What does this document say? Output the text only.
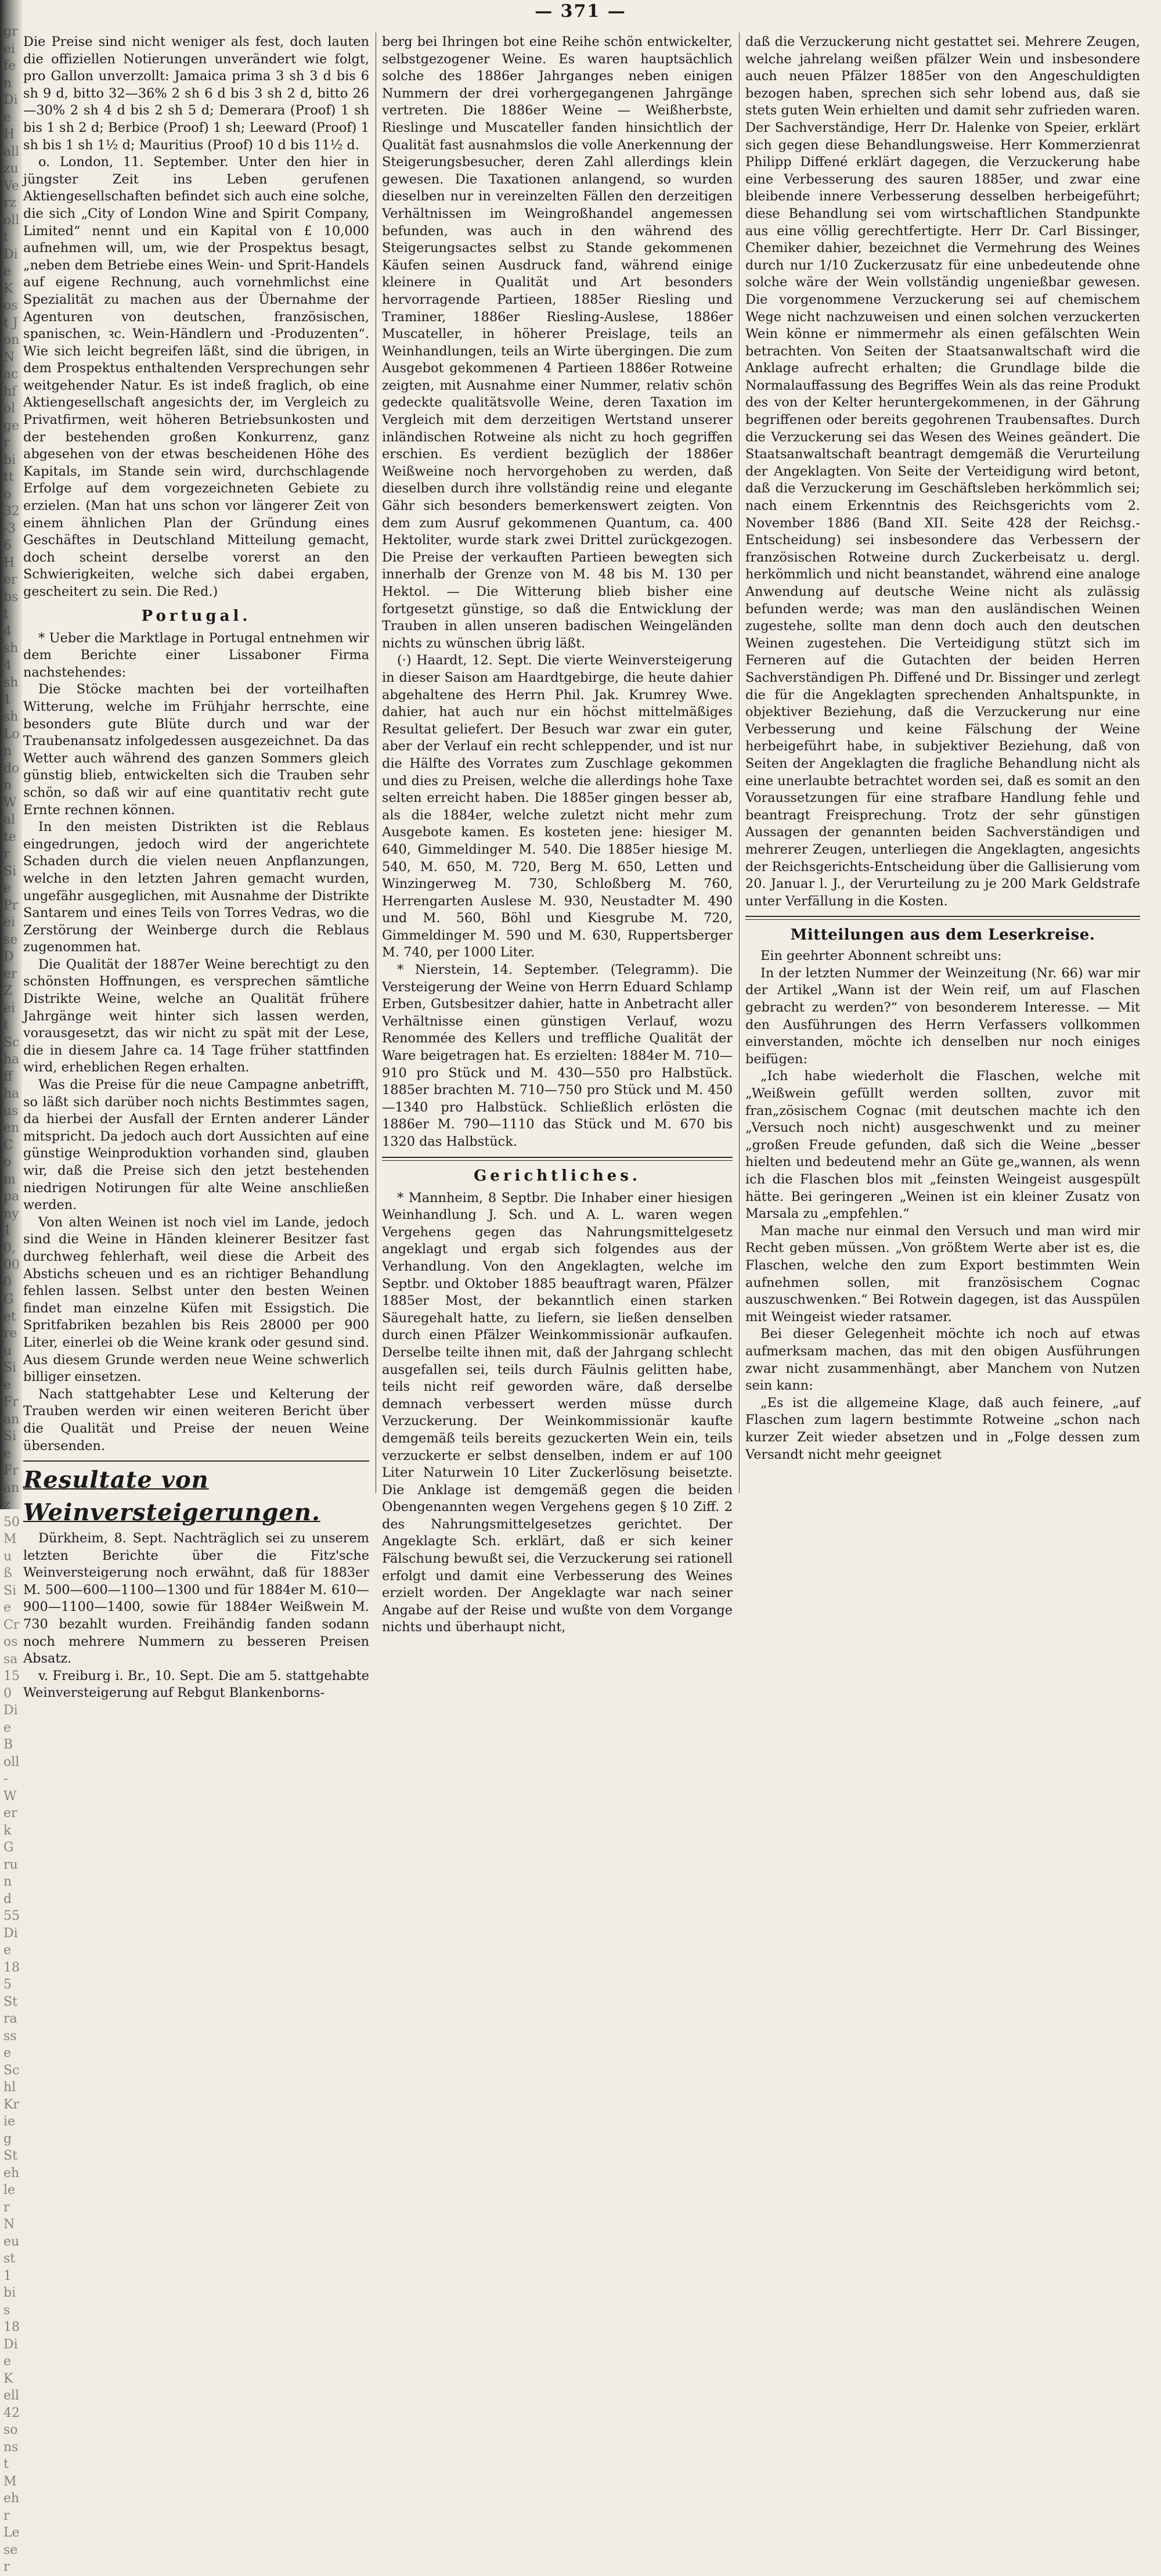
greifen Die Hall zu Verzollt Die Kost Jon Nachfolger bitto 32-36 Herbst 4 sh 4 sh 1 sh London Walter Sie Preise Der Zeit Schaffhausen Company 10,000 Getreu Sie Fran Sie Franz 50 Muß Sie Crossa 150 Die Boll-Werk Grund 55 Die 185 Strasse Schl Krieg Stehler Neust 1 bis 18 Die Kell 42 sonst Mehr Leser
— 371 —

Die Preise sind nicht weniger als fest, doch lauten die offiziellen Notierungen unverändert wie folgt, pro Gallon unverzollt: Jamaica prima 3 sh 3 d bis 6 sh 9 d, bitto 32—36% 2 sh 6 d bis 3 sh 2 d, bitto 26—30% 2 sh 4 d bis 2 sh 5 d; Demerara (Proof) 1 sh bis 1 sh 2 d; Berbice (Proof) 1 sh; Leeward (Proof) 1 sh bis 1 sh 1½ d; Mauritius (Proof) 10 d bis 11½ d.

o. London, 11. September. Unter den hier in jüngster Zeit ins Leben gerufenen Aktiengesellschaften befindet sich auch eine solche, die sich „City of London Wine and Spirit Company, Limited“ nennt und ein Kapital von £ 10,000 aufnehmen will, um, wie der Prospektus besagt, „neben dem Betriebe eines Wein- und Sprit-Handels auf eigene Rechnung, auch vornehmlichst eine Spezialität zu machen aus der Übernahme der Agenturen von deutschen, französischen, spanischen, ꝛc. Wein-Händlern und -Produzenten“. Wie sich leicht begreifen läßt, sind die übrigen, in dem Prospektus enthaltenden Versprechungen sehr weitgehender Natur. Es ist indeß fraglich, ob eine Aktiengesellschaft angesichts der, im Vergleich zu Privatfirmen, weit höheren Betriebsunkosten und der bestehenden großen Konkurrenz, ganz abgesehen von der etwas bescheidenen Höhe des Kapitals, im Stande sein wird, durchschlagende Erfolge auf dem vorgezeichneten Gebiete zu erzielen. (Man hat uns schon vor längerer Zeit von einem ähnlichen Plan der Gründung eines Geschäftes in Deutschland Mitteilung gemacht, doch scheint derselbe vorerst an den Schwierigkeiten, welche sich dabei ergaben, gescheitert zu sein. Die Red.)

Portugal.

* Ueber die Marktlage in Portugal entnehmen wir dem Berichte einer Lissaboner Firma nachstehendes:

Die Stöcke machten bei der vorteilhaften Witterung, welche im Frühjahr herrschte, eine besonders gute Blüte durch und war der Traubenansatz infolgedessen ausgezeichnet. Da das Wetter auch während des ganzen Sommers gleich günstig blieb, entwickelten sich die Trauben sehr schön, so daß wir auf eine quantitativ recht gute Ernte rechnen können.

In den meisten Distrikten ist die Reblaus eingedrungen, jedoch wird der angerichtete Schaden durch die vielen neuen Anpflanzungen, welche in den letzten Jahren gemacht wurden, ungefähr ausgeglichen, mit Ausnahme der Distrikte Santarem und eines Teils von Torres Vedras, wo die Zerstörung der Weinberge durch die Reblaus zugenommen hat.

Die Qualität der 1887er Weine berechtigt zu den schönsten Hoffnungen, es versprechen sämtliche Distrikte Weine, welche an Qualität frühere Jahrgänge weit hinter sich lassen werden, vorausgesetzt, das wir nicht zu spät mit der Lese, die in diesem Jahre ca. 14 Tage früher stattfinden wird, erheblichen Regen erhalten.

Was die Preise für die neue Campagne anbetrifft, so läßt sich darüber noch nichts Bestimmtes sagen, da hierbei der Ausfall der Ernten anderer Länder mitspricht. Da jedoch auch dort Aussichten auf eine günstige Weinproduktion vorhanden sind, glauben wir, daß die Preise sich den jetzt bestehenden niedrigen Notirungen für alte Weine anschließen werden.

Von alten Weinen ist noch viel im Lande, jedoch sind die Weine in Händen kleinerer Besitzer fast durchweg fehlerhaft, weil diese die Arbeit des Abstichs scheuen und es an richtiger Behandlung fehlen lassen. Selbst unter den besten Weinen findet man einzelne Küfen mit Essigstich. Die Spritfabriken bezahlen bis Reis 28000 per 900 Liter, einerlei ob die Weine krank oder gesund sind. Aus diesem Grunde werden neue Weine schwerlich billiger einsetzen.

Nach stattgehabter Lese und Kelterung der Trauben werden wir einen weiteren Bericht über die Qualität und Preise der neuen Weine übersenden.

Resultate von Weinversteigerungen.

Dürkheim, 8. Sept. Nachträglich sei zu unserem letzten Berichte über die Fitz'sche Weinversteigerung noch erwähnt, daß für 1883er M. 500—600—1100—1300 und für 1884er M. 610—900—1100—1400, sowie für 1884er Weißwein M. 730 bezahlt wurden. Freihändig fanden sodann noch mehrere Nummern zu besseren Preisen Absatz.

v. Freiburg i. Br., 10. Sept. Die am 5. stattgehabte Weinversteigerung auf Rebgut Blankenborns-

berg bei Ihringen bot eine Reihe schön entwickelter, selbstgezogener Weine. Es waren hauptsächlich solche des 1886er Jahrganges neben einigen Nummern der drei vorhergegangenen Jahrgänge vertreten. Die 1886er Weine — Weißherbste, Rieslinge und Muscateller fanden hinsichtlich der Qualität fast ausnahmslos die volle Anerkennung der Steigerungsbesucher, deren Zahl allerdings klein gewesen. Die Taxationen anlangend, so wurden dieselben nur in vereinzelten Fällen den derzeitigen Verhältnissen im Weingroßhandel angemessen befunden, was auch in den während des Steigerungsactes selbst zu Stande gekommenen Käufen seinen Ausdruck fand, während einige kleinere in Qualität und Art besonders hervorragende Partieen, 1885er Riesling und Traminer, 1886er Riesling-Auslese, 1886er Muscateller, in höherer Preislage, teils an Weinhandlungen, teils an Wirte übergingen. Die zum Ausgebot gekommenen 4 Partieen 1886er Rotweine zeigten, mit Ausnahme einer Nummer, relativ schön gedeckte qualitätsvolle Weine, deren Taxation im Vergleich mit dem derzeitigen Wertstand unserer inländischen Rotweine als nicht zu hoch gegriffen erschien. Es verdient bezüglich der 1886er Weißweine noch hervorgehoben zu werden, daß dieselben durch ihre vollständig reine und elegante Gähr sich besonders bemerkenswert zeigten. Von dem zum Ausruf gekommenen Quantum, ca. 400 Hektoliter, wurde stark zwei Drittel zurückgezogen. Die Preise der verkauften Partieen bewegten sich innerhalb der Grenze von M. 48 bis M. 130 per Hektol. — Die Witterung blieb bisher eine fortgesetzt günstige, so daß die Entwicklung der Trauben in allen unseren badischen Weingeländen nichts zu wünschen übrig läßt.

(·) Haardt, 12. Sept. Die vierte Weinversteigerung in dieser Saison am Haardtgebirge, die heute dahier abgehaltene des Herrn Phil. Jak. Krumrey Wwe. dahier, hat auch nur ein höchst mittelmäßiges Resultat geliefert. Der Besuch war zwar ein guter, aber der Verlauf ein recht schleppender, und ist nur die Hälfte des Vorrates zum Zuschlage gekommen und dies zu Preisen, welche die allerdings hohe Taxe selten erreicht haben. Die 1885er gingen besser ab, als die 1884er, welche zuletzt nicht mehr zum Ausgebote kamen. Es kosteten jene: hiesiger M. 640, Gimmeldinger M. 540. Die 1885er hiesige M. 540, M. 650, M. 720, Berg M. 650, Letten und Winzingerweg M. 730, Schloßberg M. 760, Herrengarten Auslese M. 930, Neustadter M. 490 und M. 560, Böhl und Kiesgrube M. 720, Gimmeldinger M. 590 und M. 630, Ruppertsberger M. 740, per 1000 Liter.

* Nierstein, 14. September. (Telegramm). Die Versteigerung der Weine von Herrn Eduard Schlamp Erben, Gutsbesitzer dahier, hatte in Anbetracht aller Verhältnisse einen günstigen Verlauf, wozu Renommée des Kellers und treffliche Qualität der Ware beigetragen hat. Es erzielten: 1884er M. 710—910 pro Stück und M. 430—550 pro Halbstück. 1885er brachten M. 710—750 pro Stück und M. 450—1340 pro Halbstück. Schließlich erlösten die 1886er M. 790—1110 das Stück und M. 670 bis 1320 das Halbstück.

Gerichtliches.

* Mannheim, 8 Septbr. Die Inhaber einer hiesigen Weinhandlung J. Sch. und A. L. waren wegen Vergehens gegen das Nahrungsmittelgesetz angeklagt und ergab sich folgendes aus der Verhandlung. Von den Angeklagten, welche im Septbr. und Oktober 1885 beauftragt waren, Pfälzer 1885er Most, der bekanntlich einen starken Säuregehalt hatte, zu liefern, sie ließen denselben durch einen Pfälzer Weinkommissionär aufkaufen. Derselbe teilte ihnen mit, daß der Jahrgang schlecht ausgefallen sei, teils durch Fäulnis gelitten habe, teils nicht reif geworden wäre, daß derselbe demnach verbessert werden müsse durch Verzuckerung. Der Weinkommissionär kaufte demgemäß teils bereits gezuckerten Wein ein, teils verzuckerte er selbst denselben, indem er auf 100 Liter Naturwein 10 Liter Zuckerlösung beisetzte. Die Anklage ist demgemäß gegen die beiden Obengenannten wegen Vergehens gegen § 10 Ziff. 2 des Nahrungsmittelgesetzes gerichtet. Der Angeklagte Sch. erklärt, daß er sich keiner Fälschung bewußt sei, die Verzuckerung sei rationell erfolgt und damit eine Verbesserung des Weines erzielt worden. Der Angeklagte war nach seiner Angabe auf der Reise und wußte von dem Vorgange nichts und überhaupt nicht,

daß die Verzuckerung nicht gestattet sei. Mehrere Zeugen, welche jahrelang weißen pfälzer Wein und insbesondere auch neuen Pfälzer 1885er von den Angeschuldigten bezogen haben, sprechen sich sehr lobend aus, daß sie stets guten Wein erhielten und damit sehr zufrieden waren. Der Sachverständige, Herr Dr. Halenke von Speier, erklärt sich gegen diese Behandlungsweise. Herr Kommerzienrat Philipp Diffené erklärt dagegen, die Verzuckerung habe eine Verbesserung des sauren 1885er, und zwar eine bleibende innere Verbesserung desselben herbeigeführt; diese Behandlung sei vom wirtschaftlichen Standpunkte aus eine völlig gerechtfertigte. Herr Dr. Carl Bissinger, Chemiker dahier, bezeichnet die Vermehrung des Weines durch nur 1/10 Zuckerzusatz für eine unbedeutende ohne solche wäre der Wein vollständig ungenießbar gewesen. Die vorgenommene Verzuckerung sei auf chemischem Wege nicht nachzuweisen und einen solchen verzuckerten Wein könne er nimmermehr als einen gefälschten Wein betrachten. Von Seiten der Staatsanwaltschaft wird die Anklage aufrecht erhalten; die Grundlage bilde die Normalauffassung des Begriffes Wein als das reine Produkt des von der Kelter heruntergekommenen, in der Gährung begriffenen oder bereits gegohrenen Traubensaftes. Durch die Verzuckerung sei das Wesen des Weines geändert. Die Staatsanwaltschaft beantragt demgemäß die Verurteilung der Angeklagten. Von Seite der Verteidigung wird betont, daß die Verzuckerung im Geschäftsleben herkömmlich sei; nach einem Erkenntnis des Reichsgerichts vom 2. November 1886 (Band XII. Seite 428 der Reichsg.-Entscheidung) sei insbesondere das Verbessern der französischen Rotweine durch Zuckerbeisatz u. dergl. herkömmlich und nicht beanstandet, während eine analoge Anwendung auf deutsche Weine nicht als zulässig befunden werde; was man den ausländischen Weinen zugestehe, sollte man denn doch auch den deutschen Weinen zugestehen. Die Verteidigung stützt sich im Ferneren auf die Gutachten der beiden Herren Sachverständigen Ph. Diffené und Dr. Bissinger und zerlegt die für die Angeklagten sprechenden Anhaltspunkte, in objektiver Beziehung, daß die Verzuckerung nur eine Verbesserung und keine Fälschung der Weine herbeigeführt habe, in subjektiver Beziehung, daß von Seiten der Angeklagten die fragliche Behandlung nicht als eine unerlaubte betrachtet worden sei, daß es somit an den Voraussetzungen für eine strafbare Handlung fehle und beantragt Freisprechung. Trotz der sehr günstigen Aussagen der genannten beiden Sachverständigen und mehrerer Zeugen, unterliegen die Angeklagten, angesichts der Reichsgerichts-Entscheidung über die Gallisierung vom 20. Januar l. J., der Verurteilung zu je 200 Mark Geldstrafe unter Verfällung in die Kosten.

Mitteilungen aus dem Leserkreise.

Ein geehrter Abonnent schreibt uns:

In der letzten Nummer der Weinzeitung (Nr. 66) war mir der Artikel „Wann ist der Wein reif, um auf Flaschen gebracht zu werden?“ von besonderem Interesse. — Mit den Ausführungen des Herrn Verfassers vollkommen einverstanden, möchte ich denselben nur noch einiges beifügen:

„Ich habe wiederholt die Flaschen, welche mit „Weißwein gefüllt werden sollten, zuvor mit fran„zösischem Cognac (mit deutschen machte ich den „Versuch noch nicht) ausgeschwenkt und zu meiner „großen Freude gefunden, daß sich die Weine „besser hielten und bedeutend mehr an Güte ge„wannen, als wenn ich die Flaschen blos mit „feinsten Weingeist ausgespült hätte. Bei geringeren „Weinen ist ein kleiner Zusatz von Marsala zu „empfehlen.“

Man mache nur einmal den Versuch und man wird mir Recht geben müssen. „Von größtem Werte aber ist es, die Flaschen, welche den zum Export bestimmten Wein aufnehmen sollen, mit französischem Cognac auszuschwenken.“ Bei Rotwein dagegen, ist das Ausspülen mit Weingeist wieder ratsamer.

Bei dieser Gelegenheit möchte ich noch auf etwas aufmerksam machen, das mit den obigen Ausführungen zwar nicht zusammenhängt, aber Manchem von Nutzen sein kann:

„Es ist die allgemeine Klage, daß auch feinere, „auf Flaschen zum lagern bestimmte Rotweine „schon nach kurzer Zeit wieder absetzen und in „Folge dessen zum Versandt nicht mehr geeignet
